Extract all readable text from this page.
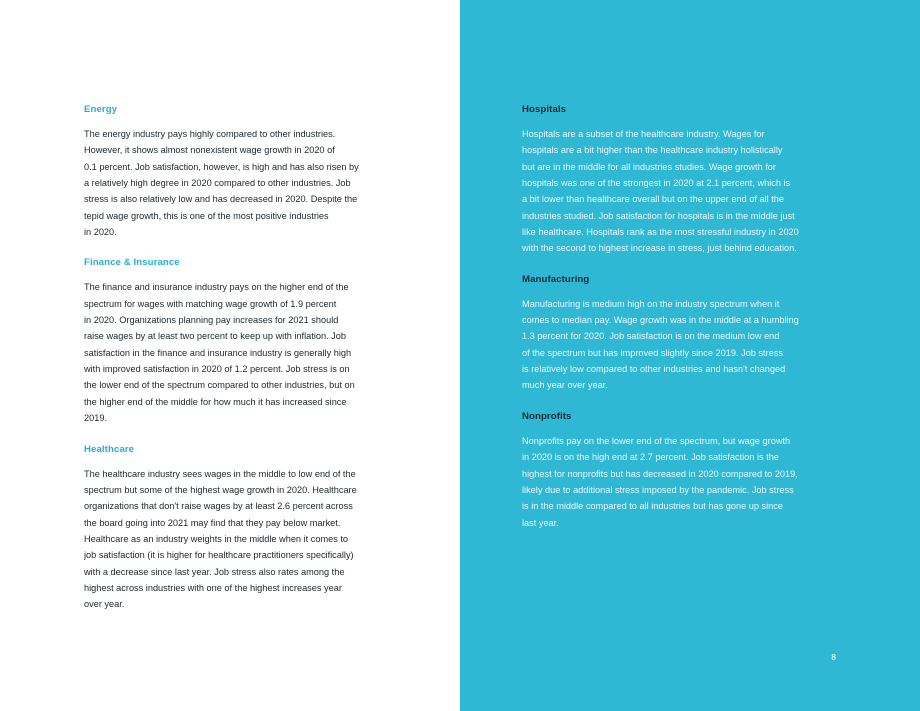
Energy

The energy industry pays highly compared to other industries.
However, it shows almost nonexistent wage growth in 2020 of
0.1 percent. Job satisfaction, however, is high and has also risen by
a relatively high degree in 2020 compared to other industries. Job
stress is also relatively low and has decreased in 2020. Despite the
tepid wage growth, this is one of the most positive industries
in 2020.

Finance & Insurance

The finance and insurance industry pays on the higher end of the
spectrum for wages with matching wage growth of 1.9 percent
in 2020. Organizations planning pay increases for 2021 should
raise wages by at least two percent to keep up with inflation. Job
satisfaction in the finance and insurance industry is generally high
with improved satisfaction in 2020 of 1.2 percent. Job stress is on
the lower end of the spectrum compared to other industries, but on
the higher end of the middle for how much it has increased since
2019.

Healthcare

The healthcare industry sees wages in the middle to low end of the
spectrum but some of the highest wage growth in 2020. Healthcare
organizations that don't raise wages by at least 2.6 percent across
the board going into 2021 may find that they pay below market.
Healthcare as an industry weights in the middle when it comes to
job satisfaction (it is higher for healthcare practitioners specifically)
with a decrease since last year. Job stress also rates among the
highest across industries with one of the highest increases year
over year.

Hospitals

Hospitals are a subset of the healthcare industry. Wages for
hospitals are a bit higher than the healthcare industry holistically
but are in the middle for all industries studies. Wage growth for
hospitals was one of the strongest in 2020 at 2.1 percent, which is
a bit lower than healthcare overall but on the upper end of all the
industries studied. Job satisfaction for hospitals is in the middle just
like healthcare. Hospitals rank as the most stressful industry in 2020
with the second to highest increase in stress, just behind education.

Manufacturing

Manufacturing is medium high on the industry spectrum when it
comes to median pay. Wage growth was in the middle at a humbling
1.3 percent for 2020. Job satisfaction is on the medium low end
of the spectrum but has improved slightly since 2019. Job stress
is relatively low compared to other industries and hasn't changed
much year over year.

Nonprofits

Nonprofits pay on the lower end of the spectrum, but wage growth
in 2020 is on the high end at 2.7 percent. Job satisfaction is the
highest for nonprofits but has decreased in 2020 compared to 2019,
likely due to additional stress imposed by the pandemic. Job stress
is in the middle compared to all industries but has gone up since
last year.

8
